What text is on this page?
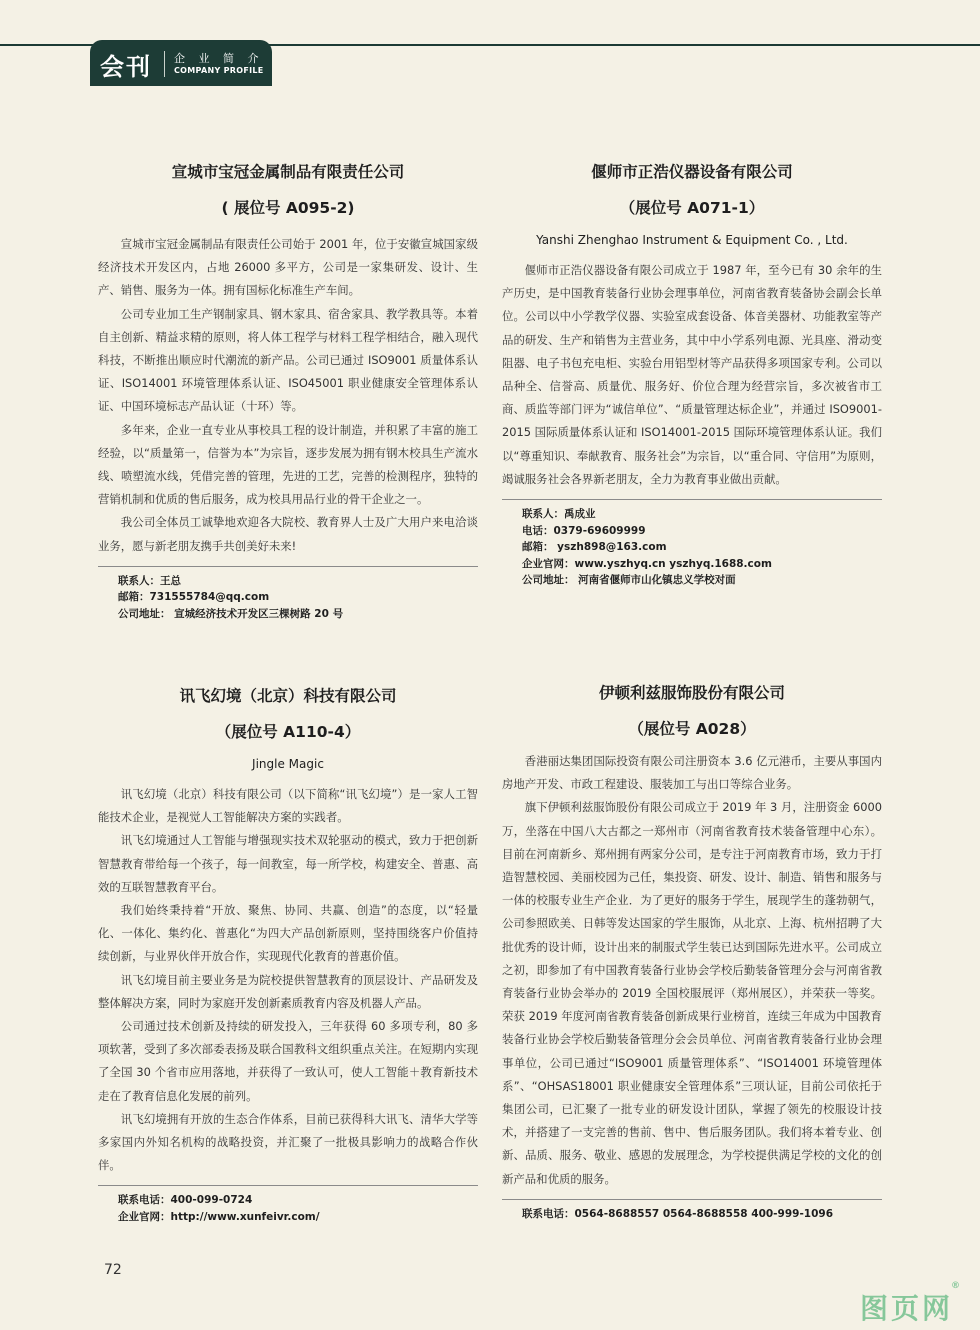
会刊 企 业 简 介
COMPANY PROFILE
宣城市宝冠金属制品有限责任公司
( 展位号 A095-2)

宣城市宝冠金属制品有限责任公司始于 2001 年，位于安徽宣城国家级经济技术开发区内，占地 26000 多平方，公司是一家集研发、设计、生产、销售、服务为一体。拥有国标化标准生产车间。

公司专业加工生产钢制家具、钢木家具、宿舍家具、教学教具等。本着自主创新、精益求精的原则，将人体工程学与材料工程学相结合，融入现代科技，不断推出顺应时代潮流的新产品。公司已通过 ISO9001 质量体系认证、ISO14001 环境管理体系认证、ISO45001 职业健康安全管理体系认证、中国环境标志产品认证（十环）等。

多年来，企业一直专业从事校具工程的设计制造，并积累了丰富的施工经验，以“质量第一，信誉为本”为宗旨，逐步发展为拥有钢木校具生产流水线、喷塑流水线，凭借完善的管理，先进的工艺，完善的检测程序，独特的营销机制和优质的售后服务，成为校具用品行业的骨干企业之一。

我公司全体员工诚挚地欢迎各大院校、教育界人士及广大用户来电洽谈业务，愿与新老朋友携手共创美好未来!

联系人：王总
邮箱：731555784@qq.com
公司地址： 宣城经济技术开发区三棵树路 20 号
偃师市正浩仪器设备有限公司
（展位号 A071-1）
Yanshi Zhenghao Instrument & Equipment Co. , Ltd.

偃师市正浩仪器设备有限公司成立于 1987 年，至今已有 30 余年的生产历史，是中国教育装备行业协会理事单位，河南省教育装备协会副会长单位。公司以中小学教学仪器、实验室成套设备、体音美器材、功能教室等产品的研发、生产和销售为主营业务，其中中小学系列电源、光具座、滑动变阻器、电子书包充电柜、实验台用铝型材等产品获得多项国家专利。公司以品种全、信誉高、质量优、服务好、价位合理为经营宗旨，多次被省市工商、质监等部门评为“诚信单位”、“质量管理达标企业”，并通过 ISO9001-2015 国际质量体系认证和 ISO14001-2015 国际环境管理体系认证。我们以“尊重知识、奉献教育、服务社会”为宗旨，以“重合同、守信用”为原则，竭诚服务社会各界新老朋友，全力为教育事业做出贡献。

联系人：禹成业
电话：0379-69609999
邮箱： yszh898@163.com
企业官网：www.yszhyq.cn yszhyq.1688.com
公司地址： 河南省偃师市山化镇忠义学校对面
讯飞幻境（北京）科技有限公司
（展位号 A110-4）
Jingle Magic

讯飞幻境（北京）科技有限公司（以下简称“讯飞幻境”）是一家人工智能技术企业，是视觉人工智能解决方案的实践者。

讯飞幻境通过人工智能与增强现实技术双轮驱动的模式，致力于把创新智慧教育带给每一个孩子，每一间教室，每一所学校，构建安全、普惠、高效的互联智慧教育平台。

我们始终秉持着“开放、聚焦、协同、共赢、创造”的态度，以“轻量化、一体化、集约化、普惠化“为四大产品创新原则，坚持围绕客户价值持续创新，与业界伙伴开放合作，实现现代化教育的普惠价值。

讯飞幻境目前主要业务是为院校提供智慧教育的顶层设计、产品研发及整体解决方案，同时为家庭开发创新素质教育内容及机器人产品。

公司通过技术创新及持续的研发投入，三年获得 60 多项专利，80 多项软著，受到了多次部委表扬及联合国教科文组织重点关注。在短期内实现了全国 30 个省市应用落地，并获得了一致认可，使人工智能＋教育新技术走在了教育信息化发展的前列。

讯飞幻境拥有开放的生态合作体系，目前已获得科大讯飞、清华大学等多家国内外知名机构的战略投资，并汇聚了一批极具影响力的战略合作伙伴。

联系电话：400-099-0724
企业官网：http://www.xunfeivr.com/
伊顿利兹服饰股份有限公司
（展位号 A028）

香港丽达集团国际投资有限公司注册资本 3.6 亿元港币，主要从事国内房地产开发、市政工程建设、服装加工与出口等综合业务。

旗下伊顿利兹服饰股份有限公司成立于 2019 年 3 月，注册资金 6000 万，坐落在中国八大古都之一郑州市（河南省教育技术装备管理中心东）。目前在河南新乡、郑州拥有两家分公司，是专注于河南教育市场，致力于打造智慧校园、美丽校园为己任，集投资、研发、设计、制造、销售和服务与一体的校服专业生产企业．为了更好的服务于学生，展现学生的蓬勃朝气，公司参照欧美、日韩等发达国家的学生服饰，从北京、上海、杭州招聘了大批优秀的设计师，设计出来的制服式学生装已达到国际先进水平。公司成立之初，即参加了有中国教育装备行业协会学校后勤装备管理分会与河南省教育装备行业协会举办的 2019 全国校服展评（郑州展区），并荣获一等奖。荣获 2019 年度河南省教育装备创新成果行业榜首，连续三年成为中国教育装备行业协会学校后勤装备管理分会会员单位、河南省教育装备行业协会理事单位，公司已通过“ISO9001 质量管理体系”、“ISO14001 环境管理体系”、“OHSAS18001 职业健康安全管理体系”三项认证，目前公司依托于集团公司，已汇聚了一批专业的研发设计团队，掌握了领先的校服设计技术，并搭建了一支完善的售前、售中、售后服务团队。我们将本着专业、创新、品质、服务、敬业、感恩的发展理念，为学校提供满足学校的文化的创新产品和优质的服务。

联系电话：0564-8688557 0564-8688558 400-999-1096
72
图页网
®
